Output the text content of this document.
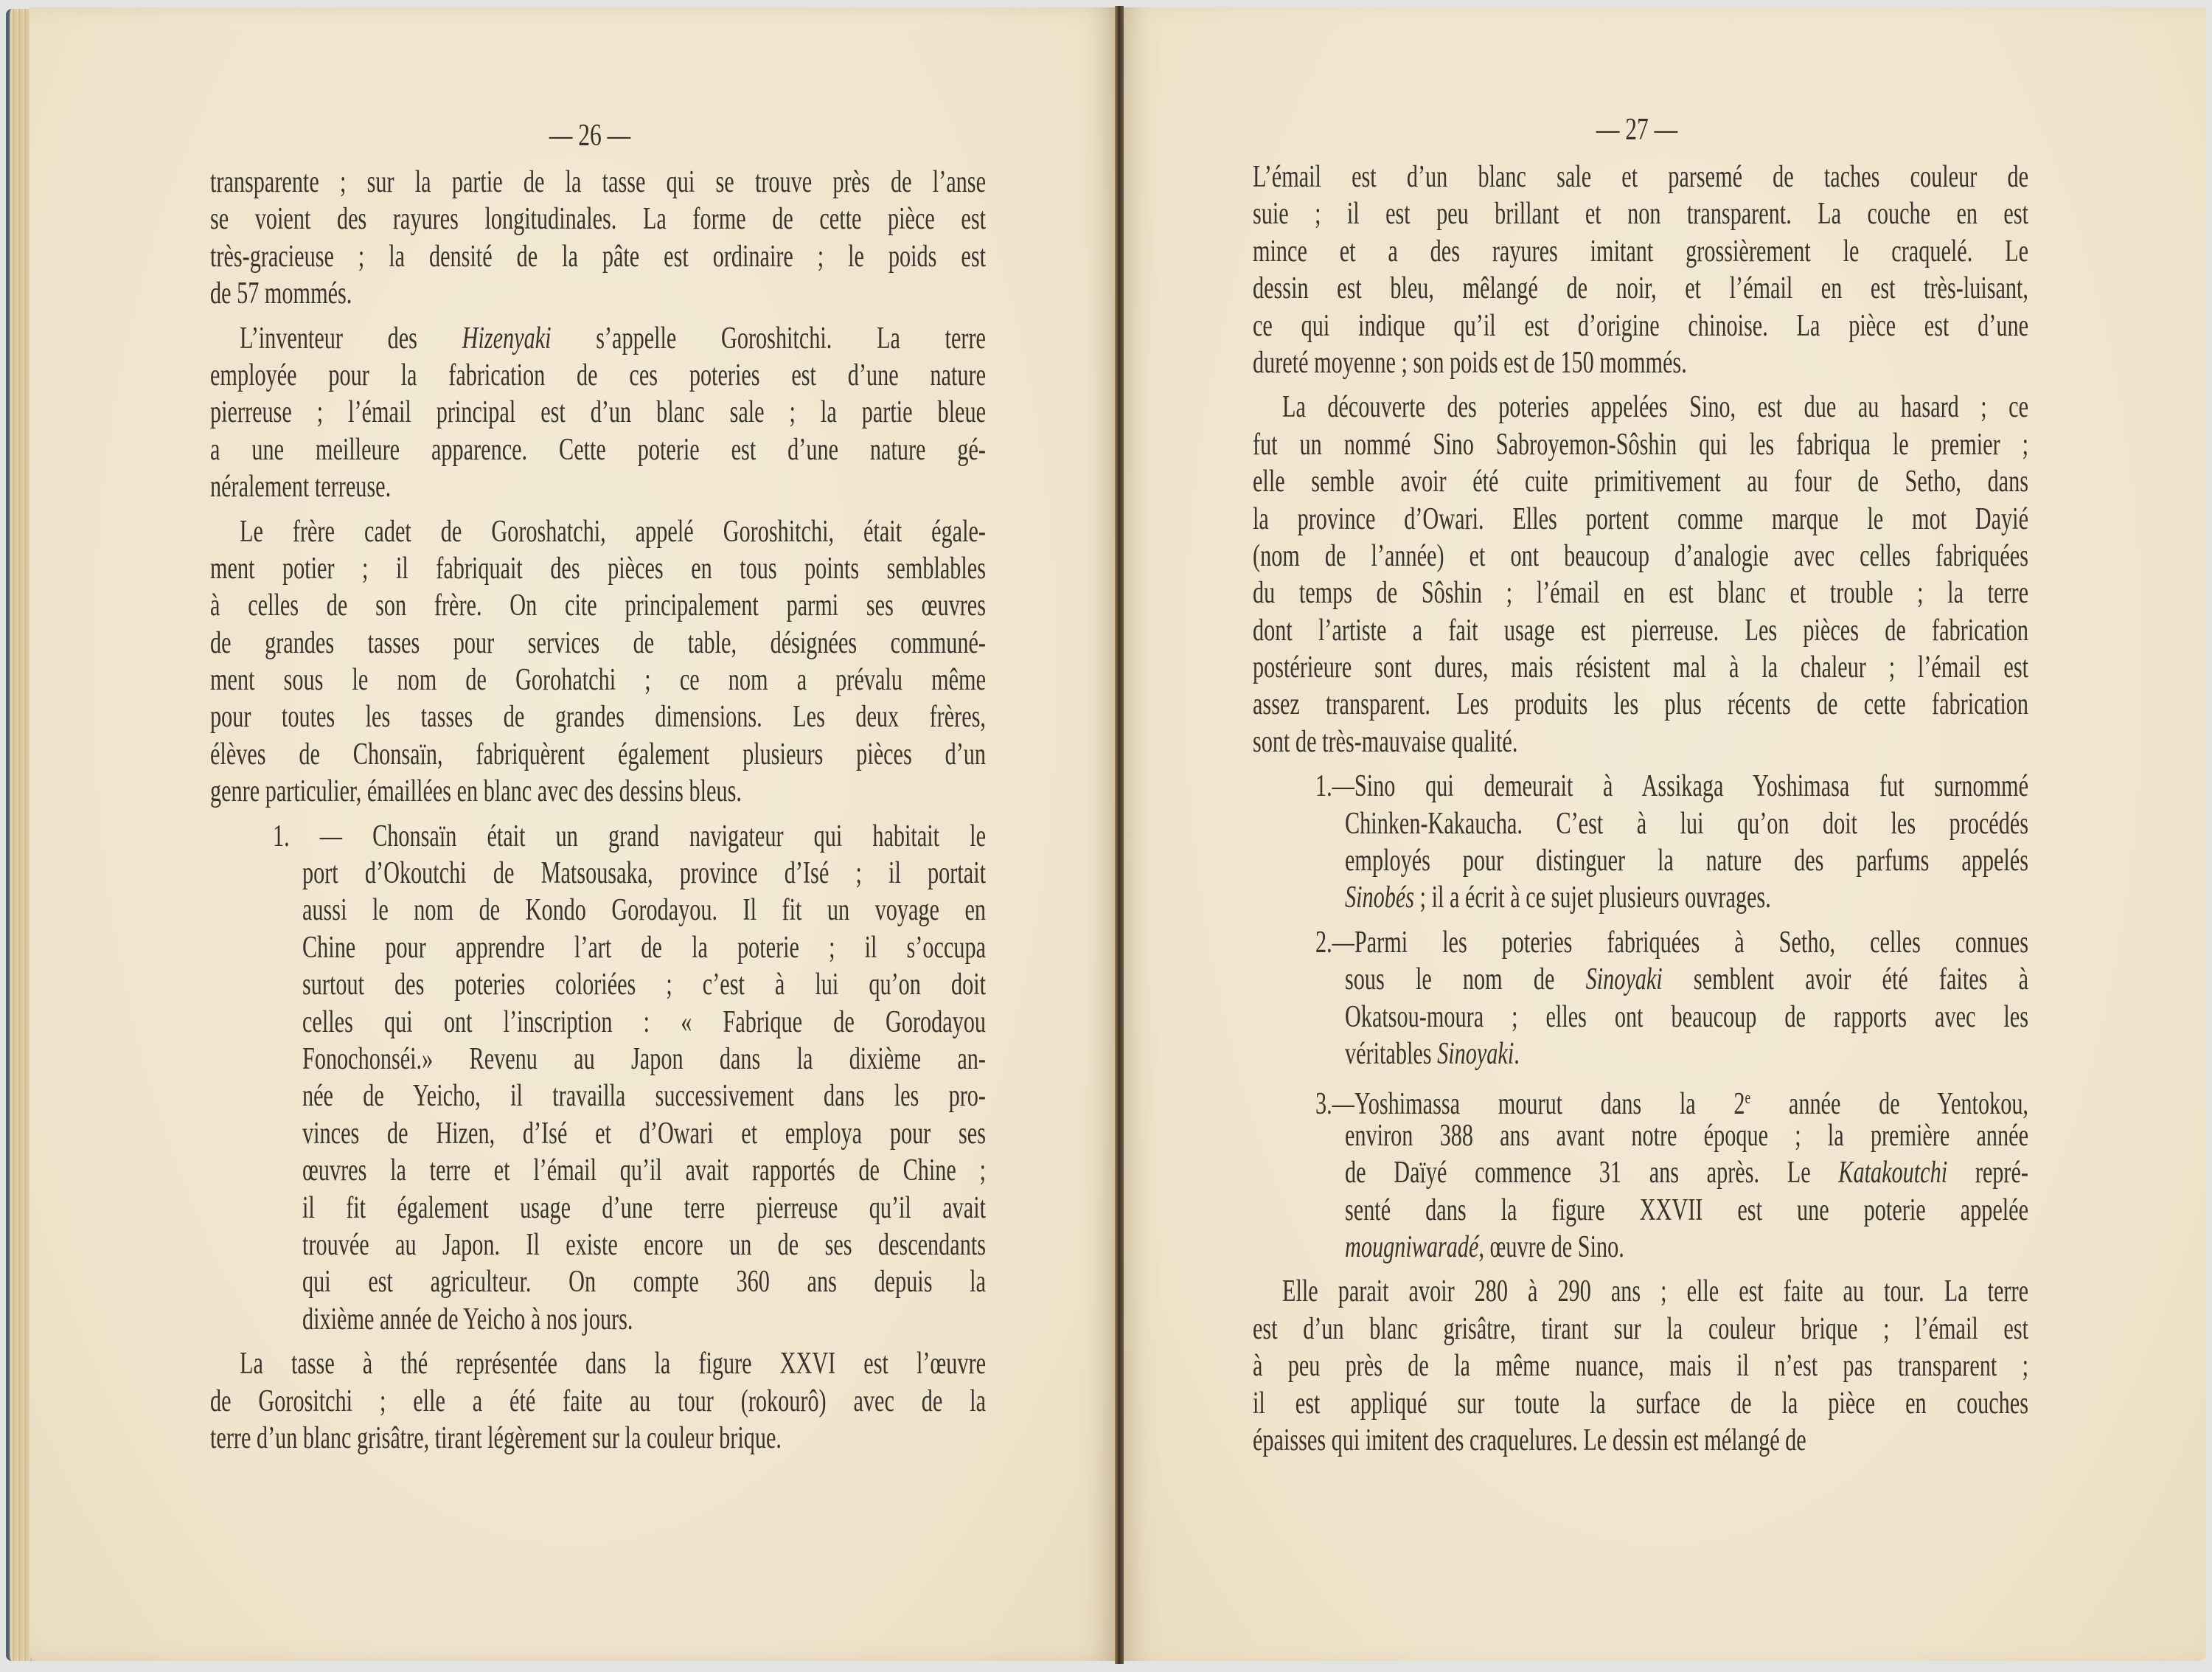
— 26 —	— 27 —
transparente ; sur la partie de la tasse qui se trouve près de l’anse
se voient des rayures longitudinales. La forme de cette pièce est
très-gracieuse ; la densité de la pâte est ordinaire ; le poids est
de 57 mommés.
L’inventeur des Hizenyaki s’appelle Goroshitchi. La terre
employée pour la fabrication de ces poteries est d’une nature
pierreuse ; l’émail principal est d’un blanc sale ; la partie bleue
a une meilleure apparence. Cette poterie est d’une nature gé-
néralement terreuse.
Le frère cadet de Goroshatchi, appelé Goroshitchi, était égale-
ment potier ; il fabriquait des pièces en tous points semblables
à celles de son frère. On cite principalement parmi ses œuvres
de grandes tasses pour services de table, désignées communé-
ment sous le nom de Gorohatchi ; ce nom a prévalu même
pour toutes les tasses de grandes dimensions. Les deux frères,
élèves de Chonsaïn, fabriquèrent également plusieurs pièces d’un
genre particulier, émaillées en blanc avec des dessins bleus.
1. — Chonsaïn était un grand navigateur qui habitait le
port d’Okoutchi de Matsousaka, province d’Isé ; il portait
aussi le nom de Kondo Gorodayou. Il fit un voyage en
Chine pour apprendre l’art de la poterie ; il s’occupa
surtout des poteries coloriées ; c’est à lui qu’on doit
celles qui ont l’inscription : « Fabrique de Gorodayou
Fonochonséi.» Revenu au Japon dans la dixième an-
née de Yeicho, il travailla successivement dans les pro-
vinces de Hizen, d’Isé et d’Owari et employa pour ses
œuvres la terre et l’émail qu’il avait rapportés de Chine ;
il fit également usage d’une terre pierreuse qu’il avait
trouvée au Japon. Il existe encore un de ses descendants
qui est agriculteur. On compte 360 ans depuis la
dixième année de Yeicho à nos jours.
La tasse à thé représentée dans la figure XXVI est l’œuvre
de Gorositchi ; elle a été faite au tour (rokourô) avec de la
terre d’un blanc grisâtre, tirant légèrement sur la couleur brique.
L’émail est d’un blanc sale et parsemé de taches couleur de
suie ; il est peu brillant et non transparent. La couche en est
mince et a des rayures imitant grossièrement le craquelé. Le
dessin est bleu, mêlangé de noir, et l’émail en est très-luisant,
ce qui indique qu’il est d’origine chinoise. La pièce est d’une
dureté moyenne ; son poids est de 150 mommés.
La découverte des poteries appelées Sino, est due au hasard ; ce
fut un nommé Sino Sabroyemon-Sôshin qui les fabriqua le premier ;
elle semble avoir été cuite primitivement au four de Setho, dans
la province d’Owari. Elles portent comme marque le mot Dayié
(nom de l’année) et ont beaucoup d’analogie avec celles fabriquées
du temps de Sôshin ; l’émail en est blanc et trouble ; la terre
dont l’artiste a fait usage est pierreuse. Les pièces de fabrication
postérieure sont dures, mais résistent mal à la chaleur ; l’émail est
assez transparent. Les produits les plus récents de cette fabrication
sont de très-mauvaise qualité.
1.—Sino qui demeurait à Assikaga Yoshimasa fut surnommé
Chinken-Kakaucha. C’est à lui qu’on doit les procédés
employés pour distinguer la nature des parfums appelés
Sinobés ; il a écrit à ce sujet plusieurs ouvrages.
2.—Parmi les poteries fabriquées à Setho, celles connues
sous le nom de Sinoyaki semblent avoir été faites à
Okatsou-moura ; elles ont beaucoup de rapports avec les
véritables Sinoyaki.
3.—Yoshimassa mourut dans la 2e année de Yentokou,
environ 388 ans avant notre époque ; la première année
de Daïyé commence 31 ans après. Le Katakoutchi repré-
senté dans la figure XXVII est une poterie appelée
mougniwaradé, œuvre de Sino.
Elle parait avoir 280 à 290 ans ; elle est faite au tour. La terre
est d’un blanc grisâtre, tirant sur la couleur brique ; l’émail est
à peu près de la même nuance, mais il n’est pas transparent ;
il est appliqué sur toute la surface de la pièce en couches
épaisses qui imitent des craquelures. Le dessin est mélangé de
